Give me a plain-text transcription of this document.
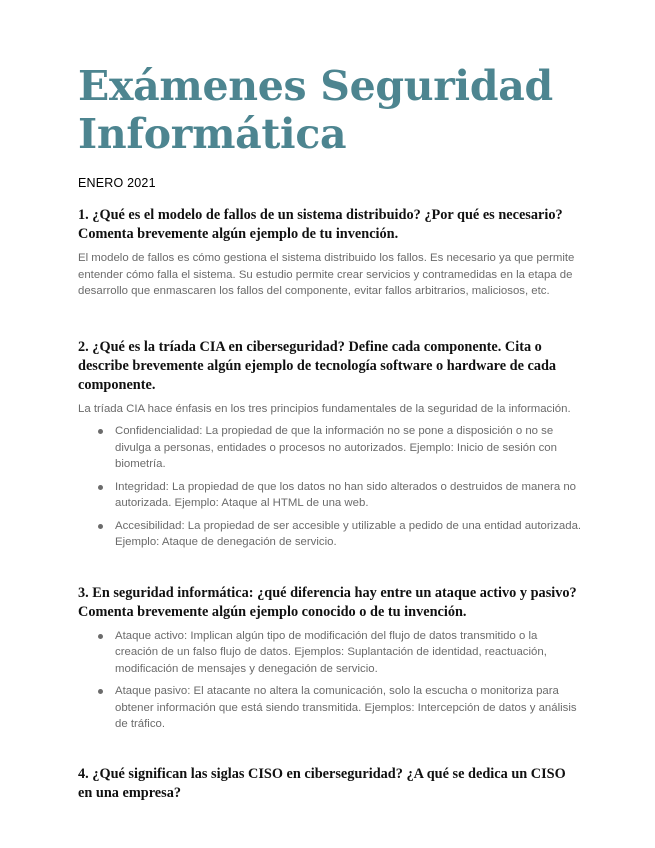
Exámenes Seguridad Informática

ENERO 2021

1. ¿Qué es el modelo de fallos de un sistema distribuido? ¿Por qué es necesario? Comenta brevemente algún ejemplo de tu invención.

El modelo de fallos es cómo gestiona el sistema distribuido los fallos. Es necesario ya que permite entender cómo falla el sistema. Su estudio permite crear servicios y contramedidas en la etapa de desarrollo que enmascaren los fallos del componente, evitar fallos arbitrarios, maliciosos, etc.

2. ¿Qué es la tríada CIA en ciberseguridad? Define cada componente. Cita o describe brevemente algún ejemplo de tecnología software o hardware de cada componente.

La tríada CIA hace énfasis en los tres principios fundamentales de la seguridad de la información.

Confidencialidad: La propiedad de que la información no se pone a disposición o no se divulga a personas, entidades o procesos no autorizados. Ejemplo: Inicio de sesión con biometría.
Integridad: La propiedad de que los datos no han sido alterados o destruidos de manera no autorizada. Ejemplo: Ataque al HTML de una web.
Accesibilidad: La propiedad de ser accesible y utilizable a pedido de una entidad autorizada. Ejemplo: Ataque de denegación de servicio.

3. En seguridad informática: ¿qué diferencia hay entre un ataque activo y pasivo? Comenta brevemente algún ejemplo conocido o de tu invención.

Ataque activo: Implican algún tipo de modificación del flujo de datos transmitido o la creación de un falso flujo de datos. Ejemplos: Suplantación de identidad, reactuación, modificación de mensajes y denegación de servicio.
Ataque pasivo: El atacante no altera la comunicación, solo la escucha o monitoriza para obtener información que está siendo transmitida. Ejemplos: Intercepción de datos y análisis de tráfico.

4. ¿Qué significan las siglas CISO en ciberseguridad? ¿A qué se dedica un CISO en una empresa?
